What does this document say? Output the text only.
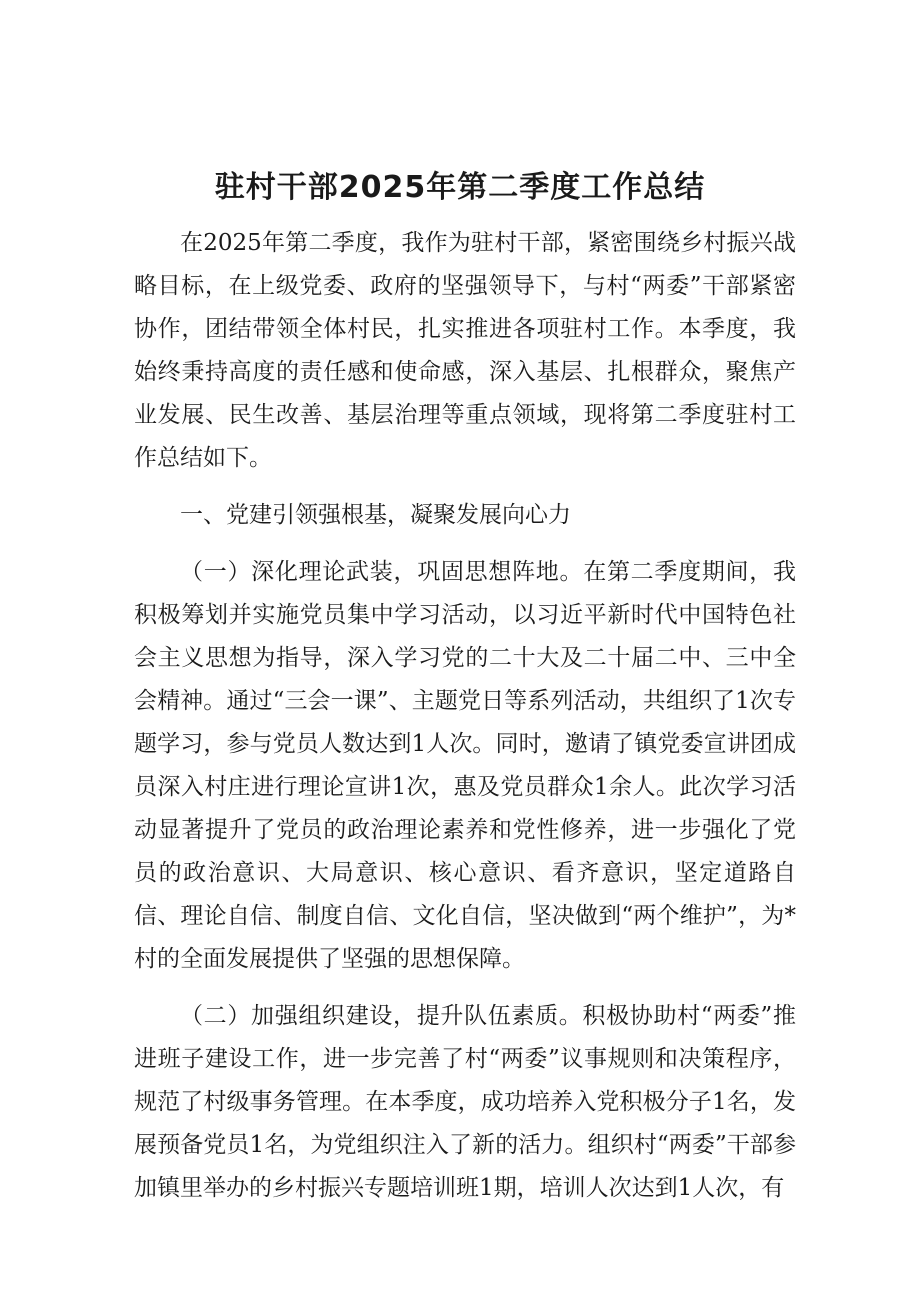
驻村干部2025年第二季度工作总结

在2025年第二季度，我作为驻村干部，紧密围绕乡村振兴战略目标，在上级党委、政府的坚强领导下，与村“两委”干部紧密协作，团结带领全体村民，扎实推进各项驻村工作。本季度，我始终秉持高度的责任感和使命感，深入基层、扎根群众，聚焦产业发展、民生改善、基层治理等重点领域，现将第二季度驻村工作总结如下。

一、党建引领强根基，凝聚发展向心力

（一）深化理论武装，巩固思想阵地。在第二季度期间，我积极筹划并实施党员集中学习活动，以习近平新时代中国特色社会主义思想为指导，深入学习党的二十大及二十届二中、三中全会精神。通过“三会一课”、主题党日等系列活动，共组织了1次专题学习，参与党员人数达到1人次。同时，邀请了镇党委宣讲团成员深入村庄进行理论宣讲1次，惠及党员群众1余人。此次学习活动显著提升了党员的政治理论素养和党性修养，进一步强化了党员的政治意识、大局意识、核心意识、看齐意识，坚定道路自信、理论自信、制度自信、文化自信，坚决做到“两个维护”，为*村的全面发展提供了坚强的思想保障。

（二）加强组织建设，提升队伍素质。积极协助村“两委”推进班子建设工作，进一步完善了村“两委”议事规则和决策程序，规范了村级事务管理。在本季度，成功培养入党积极分子1名，发展预备党员1名，为党组织注入了新的活力。组织村“两委”干部参加镇里举办的乡村振兴专题培训班1期，培训人次达到1人次，有
